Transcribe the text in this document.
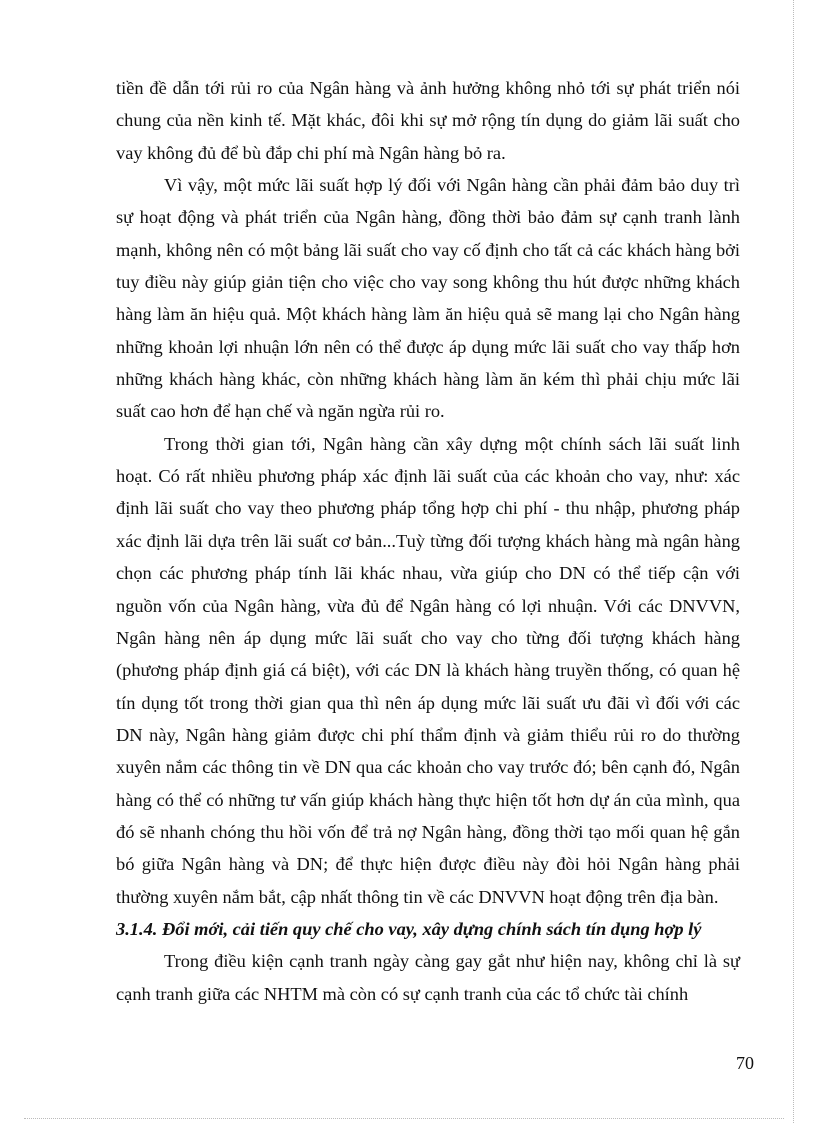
tiền đề dẫn tới rủi ro của Ngân hàng và ảnh hưởng không nhỏ tới sự phát triển nói chung của nền kinh tế. Mặt khác, đôi khi sự mở rộng tín dụng do giảm lãi suất cho vay không đủ để bù đắp chi phí mà Ngân hàng bỏ ra.

Vì vậy, một mức lãi suất hợp lý đối với Ngân hàng cần phải đảm bảo duy trì sự hoạt động và phát triển của Ngân hàng, đồng thời bảo đảm sự cạnh tranh lành mạnh, không nên có một bảng lãi suất cho vay cố định cho tất cả các khách hàng bởi tuy điều này giúp giản tiện cho việc cho vay song không thu hút được những khách hàng làm ăn hiệu quả. Một khách hàng làm ăn hiệu quả sẽ mang lại cho Ngân hàng những khoản lợi nhuận lớn nên có thể được áp dụng mức lãi suất cho vay thấp hơn những khách hàng khác, còn những khách hàng làm ăn kém thì phải chịu mức lãi suất cao hơn để hạn chế và ngăn ngừa rủi ro.

Trong thời gian tới, Ngân hàng cần xây dựng một chính sách lãi suất linh hoạt. Có rất nhiều phương pháp xác định lãi suất của các khoản cho vay, như: xác định lãi suất cho vay theo phương pháp tổng hợp chi phí - thu nhập, phương pháp xác định lãi dựa trên lãi suất cơ bản...Tuỳ từng đối tượng khách hàng mà ngân hàng chọn các phương pháp tính lãi khác nhau, vừa giúp cho DN có thể tiếp cận với nguồn vốn của Ngân hàng, vừa đủ để Ngân hàng có lợi nhuận. Với các DNVVN, Ngân hàng nên áp dụng mức lãi suất cho vay cho từng đối tượng khách hàng (phương pháp định giá cá biệt), với các DN là khách hàng truyền thống, có quan hệ tín dụng tốt trong thời gian qua thì nên áp dụng mức lãi suất ưu đãi vì đối với các DN này, Ngân hàng giảm được chi phí thẩm định và giảm thiểu rủi ro do thường xuyên nắm các thông tin về DN qua các khoản cho vay trước đó; bên cạnh đó, Ngân hàng có thể có những tư vấn giúp khách hàng thực hiện tốt hơn dự án của mình, qua đó sẽ nhanh chóng thu hồi vốn để trả nợ Ngân hàng, đồng thời tạo mối quan hệ gắn bó giữa Ngân hàng và DN; để thực hiện được điều này đòi hỏi Ngân hàng phải thường xuyên nắm bắt, cập nhất thông tin về các DNVVN hoạt động trên địa bàn.

3.1.4. Đổi mới, cải tiến quy chế cho vay, xây dựng chính sách tín dụng hợp lý

Trong điều kiện cạnh tranh ngày càng gay gắt như hiện nay, không chỉ là sự cạnh tranh giữa các NHTM mà còn có sự cạnh tranh của các tổ chức tài chính

70
